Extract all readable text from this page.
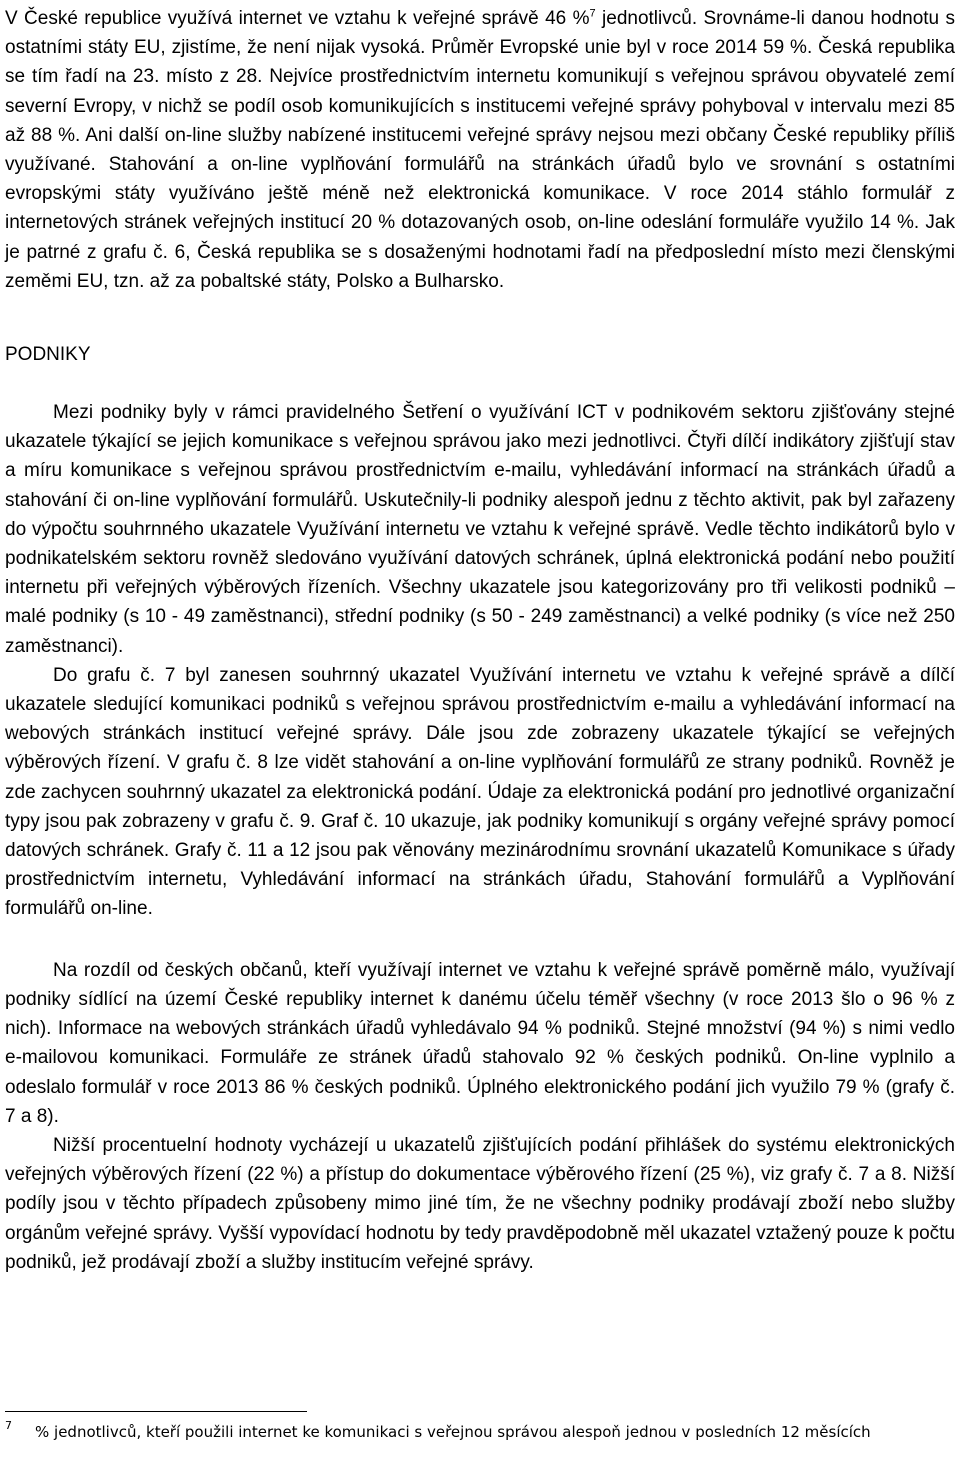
V České republice využívá internet ve vztahu k veřejné správě 46 %$^7$ jednotlivců. Srovnáme-li danou hodnotu s ostatními státy EU, zjistíme, že není nijak vysoká. Průměr Evropské unie byl v roce 2014 59 %. Česká republika se tím řadí na 23. místo z 28. Nejvíce prostřednictvím internetu komunikují s veřejnou správou obyvatelé zemí severní Evropy, v nichž se podíl osob komunikujících s institucemi veřejné správy pohyboval v intervalu mezi 85 až 88 %. Ani další on-line služby nabízené institucemi veřejné správy nejsou mezi občany České republiky příliš využívané. Stahování a on-line vyplňování formulářů na stránkách úřadů bylo ve srovnání s ostatními evropskými státy využíváno ještě méně než elektronická komunikace. V roce 2014 stáhlo formulář z internetových stránek veřejných institucí 20 % dotazovaných osob, on-line odeslání formuláře využilo 14 %. Jak je patrné z grafu č. 6, Česká republika se s dosaženými hodnotami řadí na předposlední místo mezi členskými zeměmi EU, tzn. až za pobaltské státy, Polsko a Bulharsko.

PODNIKY

Mezi podniky byly v rámci pravidelného Šetření o využívání ICT v podnikovém sektoru zjišťovány stejné ukazatele týkající se jejich komunikace s veřejnou správou jako mezi jednotlivci. Čtyři dílčí indikátory zjišťují stav a míru komunikace s veřejnou správou prostřednictvím e-mailu, vyhledávání informací na stránkách úřadů a stahování či on-line vyplňování formulářů. Uskutečnily-li podniky alespoň jednu z těchto aktivit, pak byl zařazeny do výpočtu souhrnného ukazatele Využívání internetu ve vztahu k veřejné správě. Vedle těchto indikátorů bylo v podnikatelském sektoru rovněž sledováno využívání datových schránek, úplná elektronická podání nebo použití internetu při veřejných výběrových řízeních. Všechny ukazatele jsou kategorizovány pro tři velikosti podniků – malé podniky (s 10 - 49 zaměstnanci), střední podniky (s 50 - 249 zaměstnanci) a velké podniky (s více než 250 zaměstnanci).

Do grafu č. 7 byl zanesen souhrnný ukazatel Využívání internetu ve vztahu k veřejné správě a dílčí ukazatele sledující komunikaci podniků s veřejnou správou prostřednictvím e-mailu a vyhledávání informací na webových stránkách institucí veřejné správy. Dále jsou zde zobrazeny ukazatele týkající se veřejných výběrových řízení. V grafu č. 8 lze vidět stahování a on-line vyplňování formulářů ze strany podniků. Rovněž je zde zachycen souhrnný ukazatel za elektronická podání. Údaje za elektronická podání pro jednotlivé organizační typy jsou pak zobrazeny v grafu č. 9. Graf č. 10 ukazuje, jak podniky komunikují s orgány veřejné správy pomocí datových schránek. Grafy č. 11 a 12 jsou pak věnovány mezinárodnímu srovnání ukazatelů Komunikace s úřady prostřednictvím internetu, Vyhledávání informací na stránkách úřadu, Stahování formulářů a Vyplňování formulářů on-line.

Na rozdíl od českých občanů, kteří využívají internet ve vztahu k veřejné správě poměrně málo, využívají podniky sídlící na území České republiky internet k danému účelu téměř všechny (v roce 2013 šlo o 96 % z nich). Informace na webových stránkách úřadů vyhledávalo 94 % podniků. Stejné množství (94 %) s nimi vedlo e-mailovou komunikaci. Formuláře ze stránek úřadů stahovalo 92 % českých podniků. On-line vyplnilo a odeslalo formulář v roce 2013 86 % českých podniků. Úplného elektronického podání jich využilo 79 % (grafy č. 7 a 8).

Nižší procentuelní hodnoty vycházejí u ukazatelů zjišťujících podání přihlášek do systému elektronických veřejných výběrových řízení (22 %) a přístup do dokumentace výběrového řízení (25 %), viz grafy č. 7 a 8. Nižší podíly jsou v těchto případech způsobeny mimo jiné tím, že ne všechny podniky prodávají zboží nebo služby orgánům veřejné správy. Vyšší vypovídací hodnotu by tedy pravděpodobně měl ukazatel vztažený pouze k počtu podniků, jež prodávají zboží a služby institucím veřejné správy.

7	% jednotlivců, kteří použili internet ke komunikaci s veřejnou správou alespoň jednou v posledních 12 měsících
